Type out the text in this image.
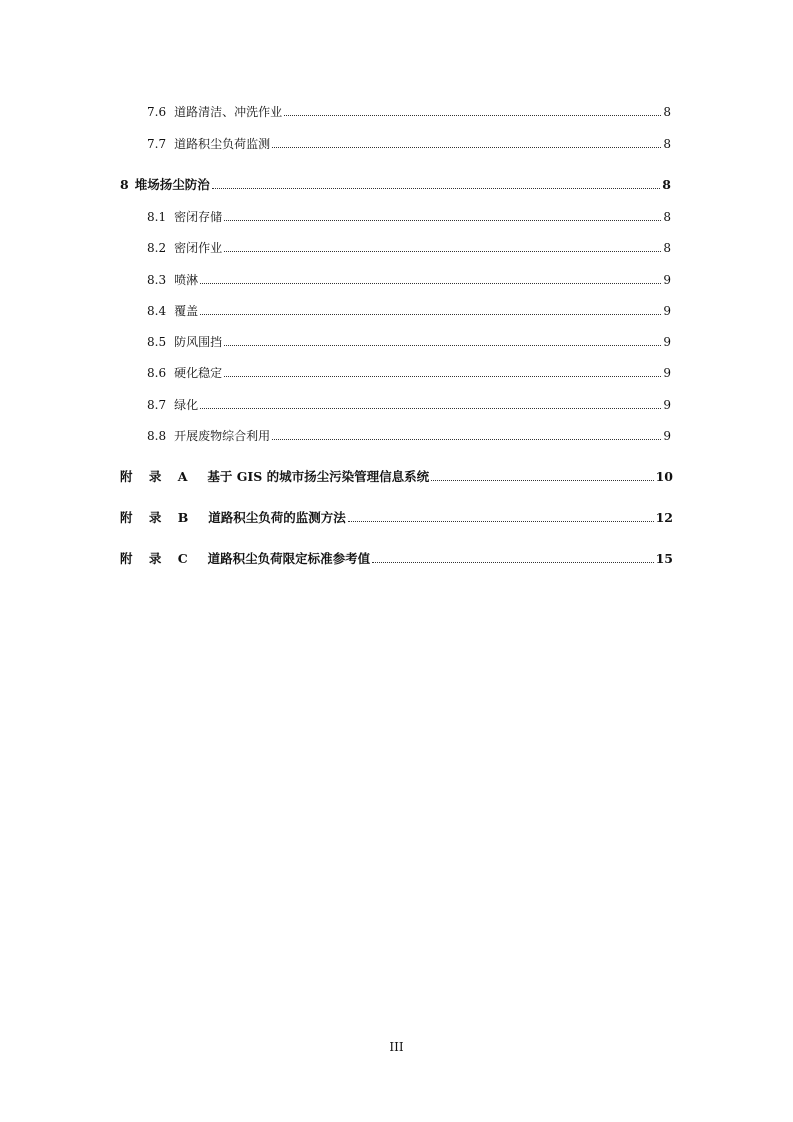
7.6 道路清洁、冲洗作业	8
7.7 道路积尘负荷监测	8
8 堆场扬尘防治	8
8.1 密闭存储	8
8.2 密闭作业	8
8.3 喷淋	9
8.4 覆盖	9
8.5 防风围挡	9
8.6 硬化稳定	9
8.7 绿化	9
8.8 开展废物综合利用	9
附 录 A 基于 GIS 的城市扬尘污染管理信息系统	10
附 录 B 道路积尘负荷的监测方法	12
附 录 C 道路积尘负荷限定标准参考值	15
III
